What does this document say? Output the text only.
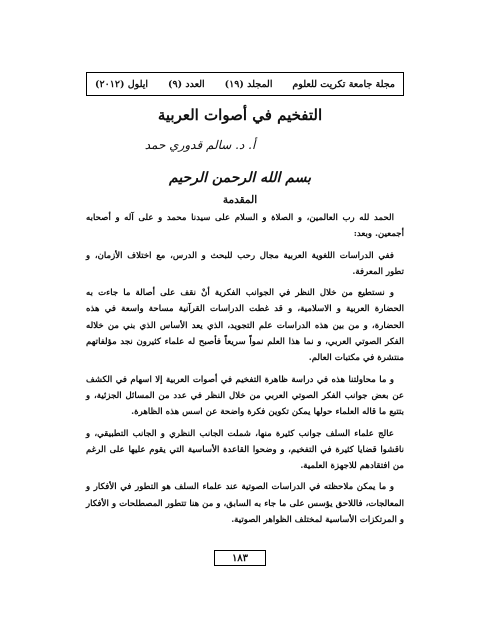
مجلة جامعة تكريت للعلوم
المجلد (١٩)
العدد (٩)
ايلول (٢٠١٢)
التفخيم في أصوات العربية
أ. د. سالم قدوري حمد
بسم الله الرحمن الرحيم
المقدمة

الحمد لله رب العالمين، و الصلاة و السلام على سيدنا محمد و على آله و أصحابه أجمعين. وبعد:

ففي الدراسات اللغوية العربية مجال رحب للبحث و الدرس، مع اختلاف الأزمان، و تطور المعرفة.

و نستطيع من خلال النظر في الجوانب الفكرية أنْ نقف على أصالة ما جاءت به الحضارة العربية و الاسلامية، و قد غطت الدراسات القرآنية مساحة واسعة في هذه الحضارة، و من بين هذه الدراسات علم التجويد، الذي يعد الأساس الذي بني من خلاله الفكر الصوتي العربي، و نما هذا العلم نمواً سريعاً فأصبح له علماء كثيرون نجد مؤلفاتهم منتشرة في مكتبات العالم.

و ما محاولتنا هذه في دراسة ظاهرة التفخيم في أصوات العربية إلا اسهام في الكشف عن بعض جوانب الفكر الصوتي العربي من خلال النظر في عدد من المسائل الجزئية، و بتتبع ما قاله العلماء حولها يمكن تكوين فكرة واضحة عن اسس هذه الظاهرة.

عالج علماء السلف جوانب كثيرة منها، شملت الجانب النظري و الجانب التطبيقي، و ناقشوا قضايا كثيرة في التفخيم، و وضحوا القاعدة الأساسية التي يقوم عليها على الرغم من افتقادهم للاجهزة العلمية.

و ما يمكن ملاحظته في الدراسات الصوتية عند علماء السلف هو التطور في الأفكار و المعالجات، فاللاحق يؤسس على ما جاء به السابق، و من هنا تتطور المصطلحات و الأفكار و المرتكزات الأساسية لمختلف الظواهر الصوتية.

١٨٣
